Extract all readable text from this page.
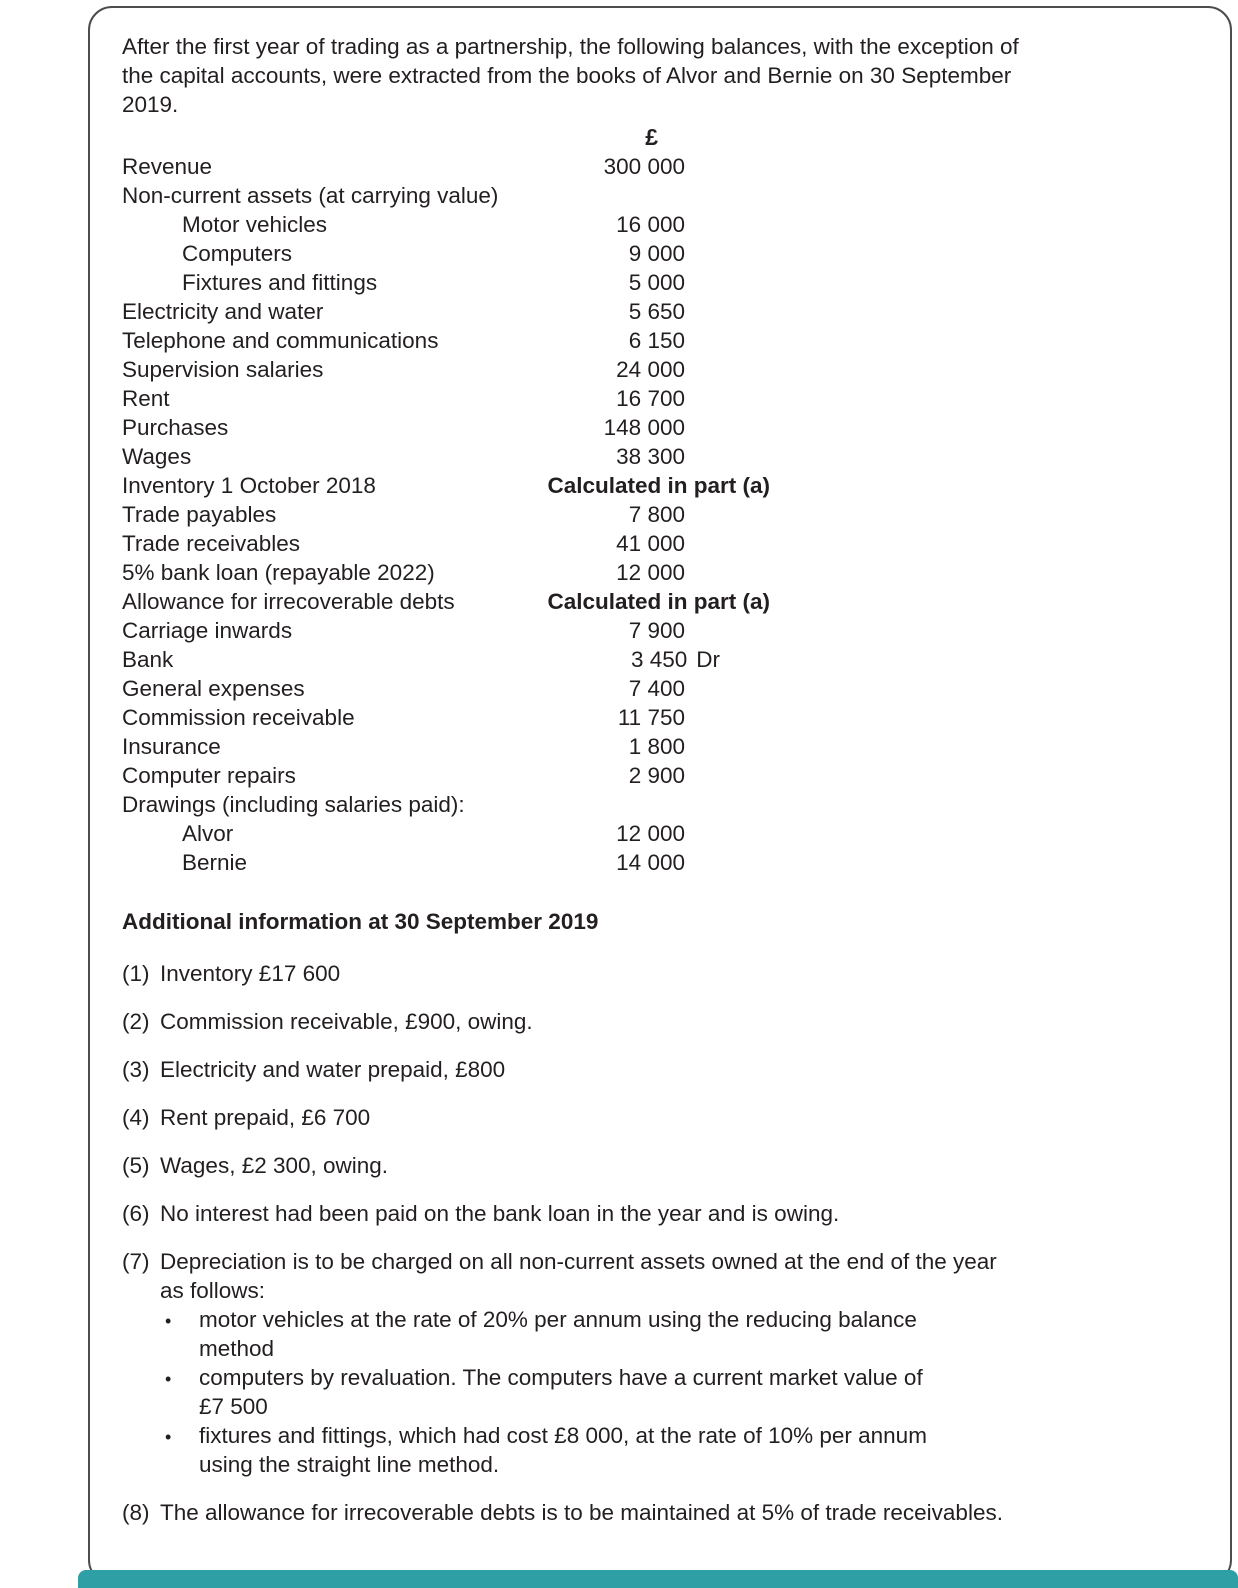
After the first year of trading as a partnership, the following balances, with the exception of the capital accounts, were extracted from the books of Alvor and Bernie on 30 September 2019.

£
Revenue	300 000
Non-current assets (at carrying value)
Motor vehicles	16 000
Computers	9 000
Fixtures and fittings	5 000
Electricity and water	5 650
Telephone and communications	6 150
Supervision salaries	24 000
Rent	16 700
Purchases	148 000
Wages	38 300
Inventory 1 October 2018	Calculated in part (a)
Trade payables	7 800
Trade receivables	41 000
5% bank loan (repayable 2022)	12 000
Allowance for irrecoverable debts	Calculated in part (a)
Carriage inwards	7 900
Bank	3 450 Dr
General expenses	7 400
Commission receivable	11 750
Insurance	1 800
Computer repairs	2 900
Drawings (including salaries paid):
Alvor	12 000
Bernie	14 000
Additional information at 30 September 2019
(1) Inventory £17 600
(2) Commission receivable, £900, owing.
(3) Electricity and water prepaid, £800
(4) Rent prepaid, £6 700
(5) Wages, £2 300, owing.
(6) No interest had been paid on the bank loan in the year and is owing.
(7) Depreciation is to be charged on all non-current assets owned at the end of the year as follows:
•
motor vehicles at the rate of 20% per annum using the reducing balance method
•
computers by revaluation. The computers have a current market value of £7 500
•
fixtures and fittings, which had cost £8 000, at the rate of 10% per annum using the straight line method.
(8) The allowance for irrecoverable debts is to be maintained at 5% of trade receivables.
